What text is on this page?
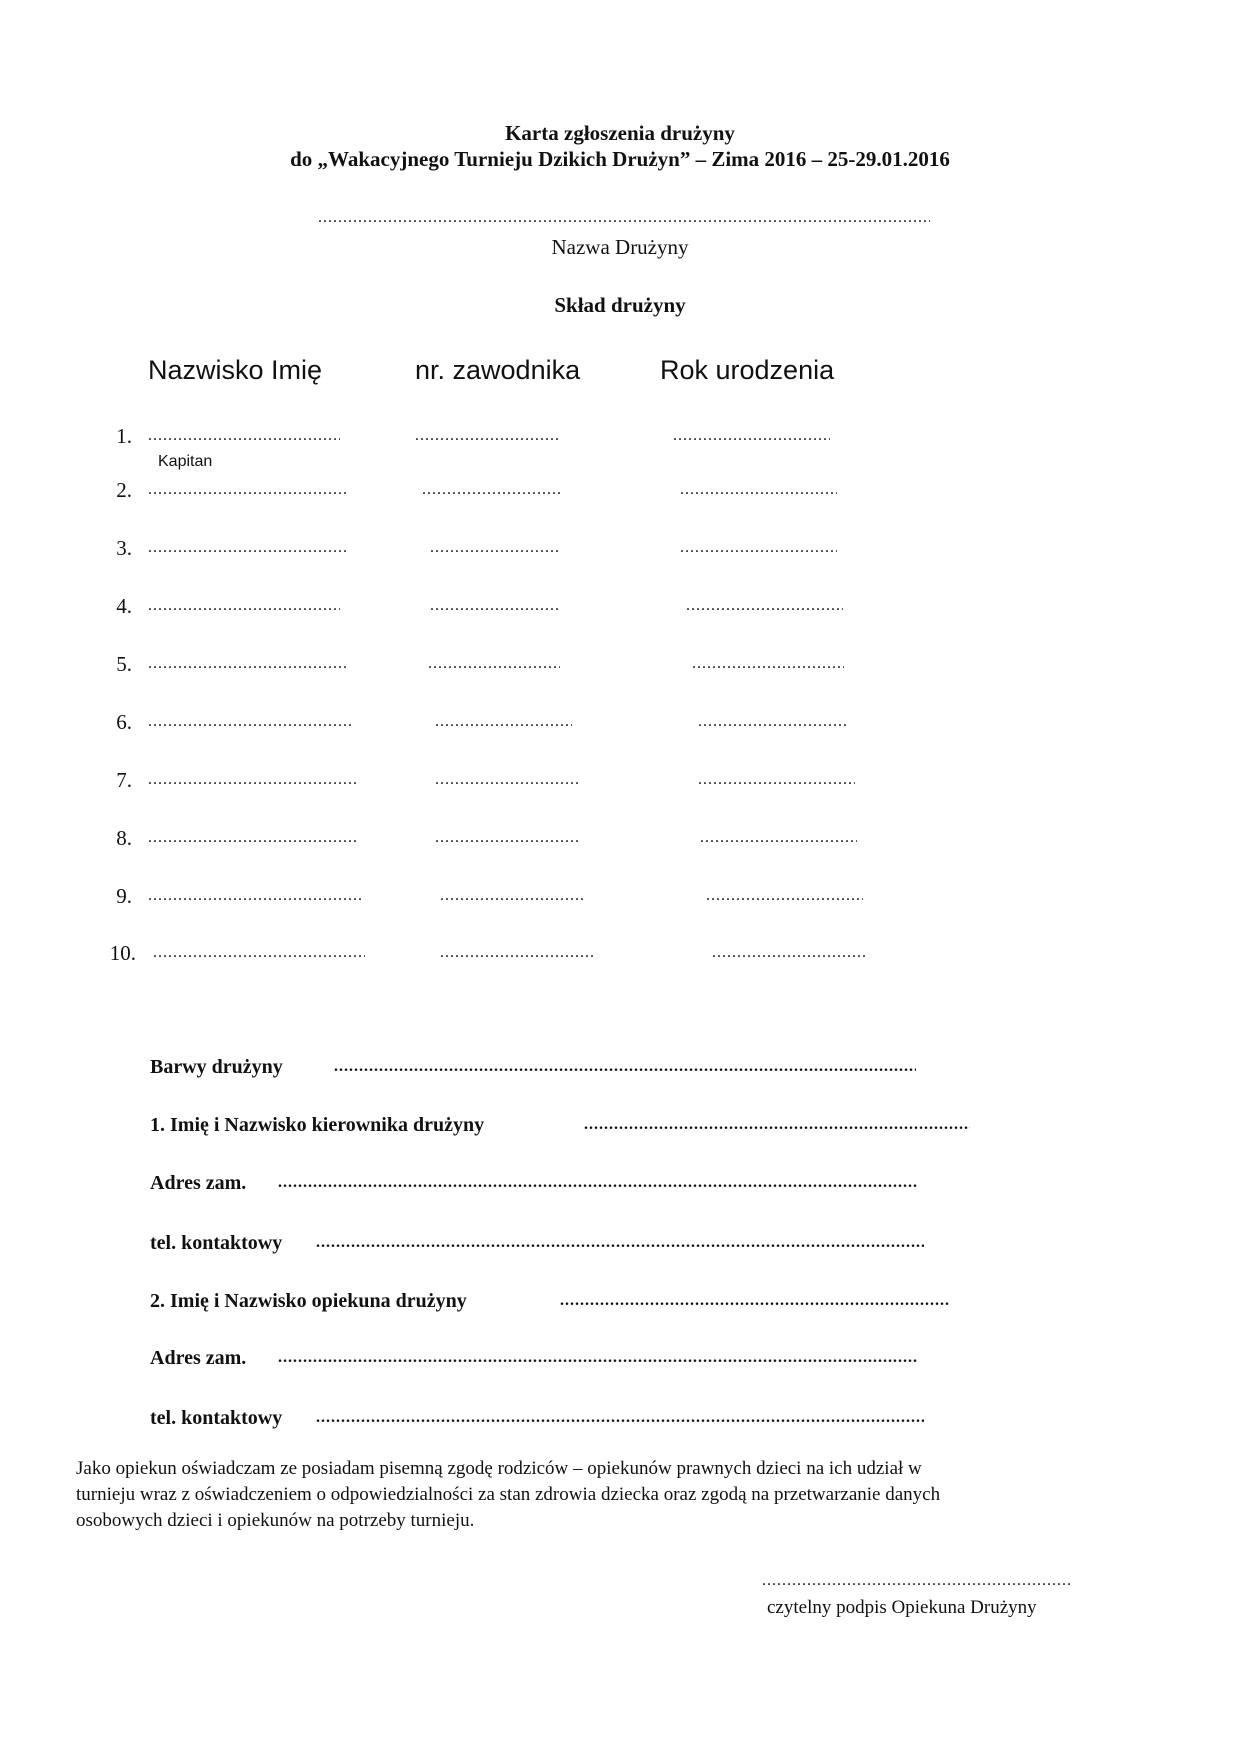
Karta zgłoszenia drużyny
do „Wakacyjnego Turnieju Dzikich Drużyn” – Zima 2016 – 25-29.01.2016
.....
Nazwa Drużyny
Skład drużyny
Nazwisko Imię	nr. zawodnika	Rok urodzenia
1.
.....
.....
.....
Kapitan
2.
.....
.....
.....
3.
.....
.....
.....
4.
.....
.....
.....
5.
.....
.....
.....
6.
.....
.....
.....
7.
.....
.....
.....
8.
.....
.....
.....
9.
.....
.....
.....
10.
.....
.....
.....
Barwy drużyny
.....
1. Imię i Nazwisko kierownika drużyny
.....
Adres zam.
.....
tel. kontaktowy
.....
2. Imię i Nazwisko opiekuna drużyny
.....
Adres zam.
.....
tel. kontaktowy
.....
Jako opiekun oświadczam ze posiadam pisemną zgodę rodziców – opiekunów prawnych dzieci na ich udział w
turnieju wraz z oświadczeniem o odpowiedzialności za stan zdrowia dziecka oraz zgodą na przetwarzanie danych
osobowych dzieci i opiekunów na potrzeby turnieju.
.....
czytelny podpis Opiekuna Drużyny
